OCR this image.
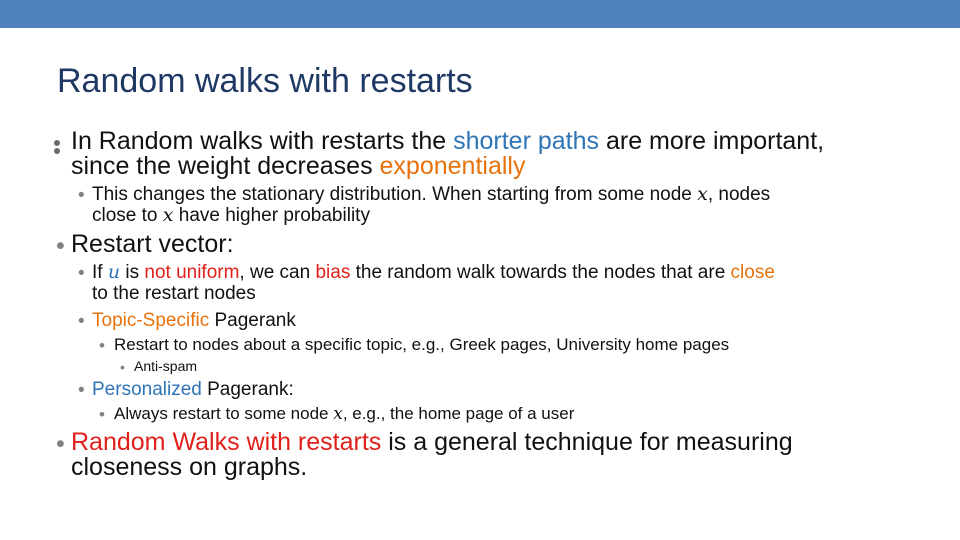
Random walks with restarts
In Random walks with restarts the shorter paths are more important,
since the weight decreases exponentially
• This changes the stationary distribution. When starting from some node x, nodes
close to x have higher probability
• Restart vector:
• If u is not uniform, we can bias the random walk towards the nodes that are close
to the restart nodes
• Topic-Specific Pagerank
• Restart to nodes about a specific topic, e.g., Greek pages, University home pages
• Anti-spam
• Personalized Pagerank:
• Always restart to some node x, e.g., the home page of a user
• Random Walks with restarts is a general technique for measuring
closeness on graphs.
